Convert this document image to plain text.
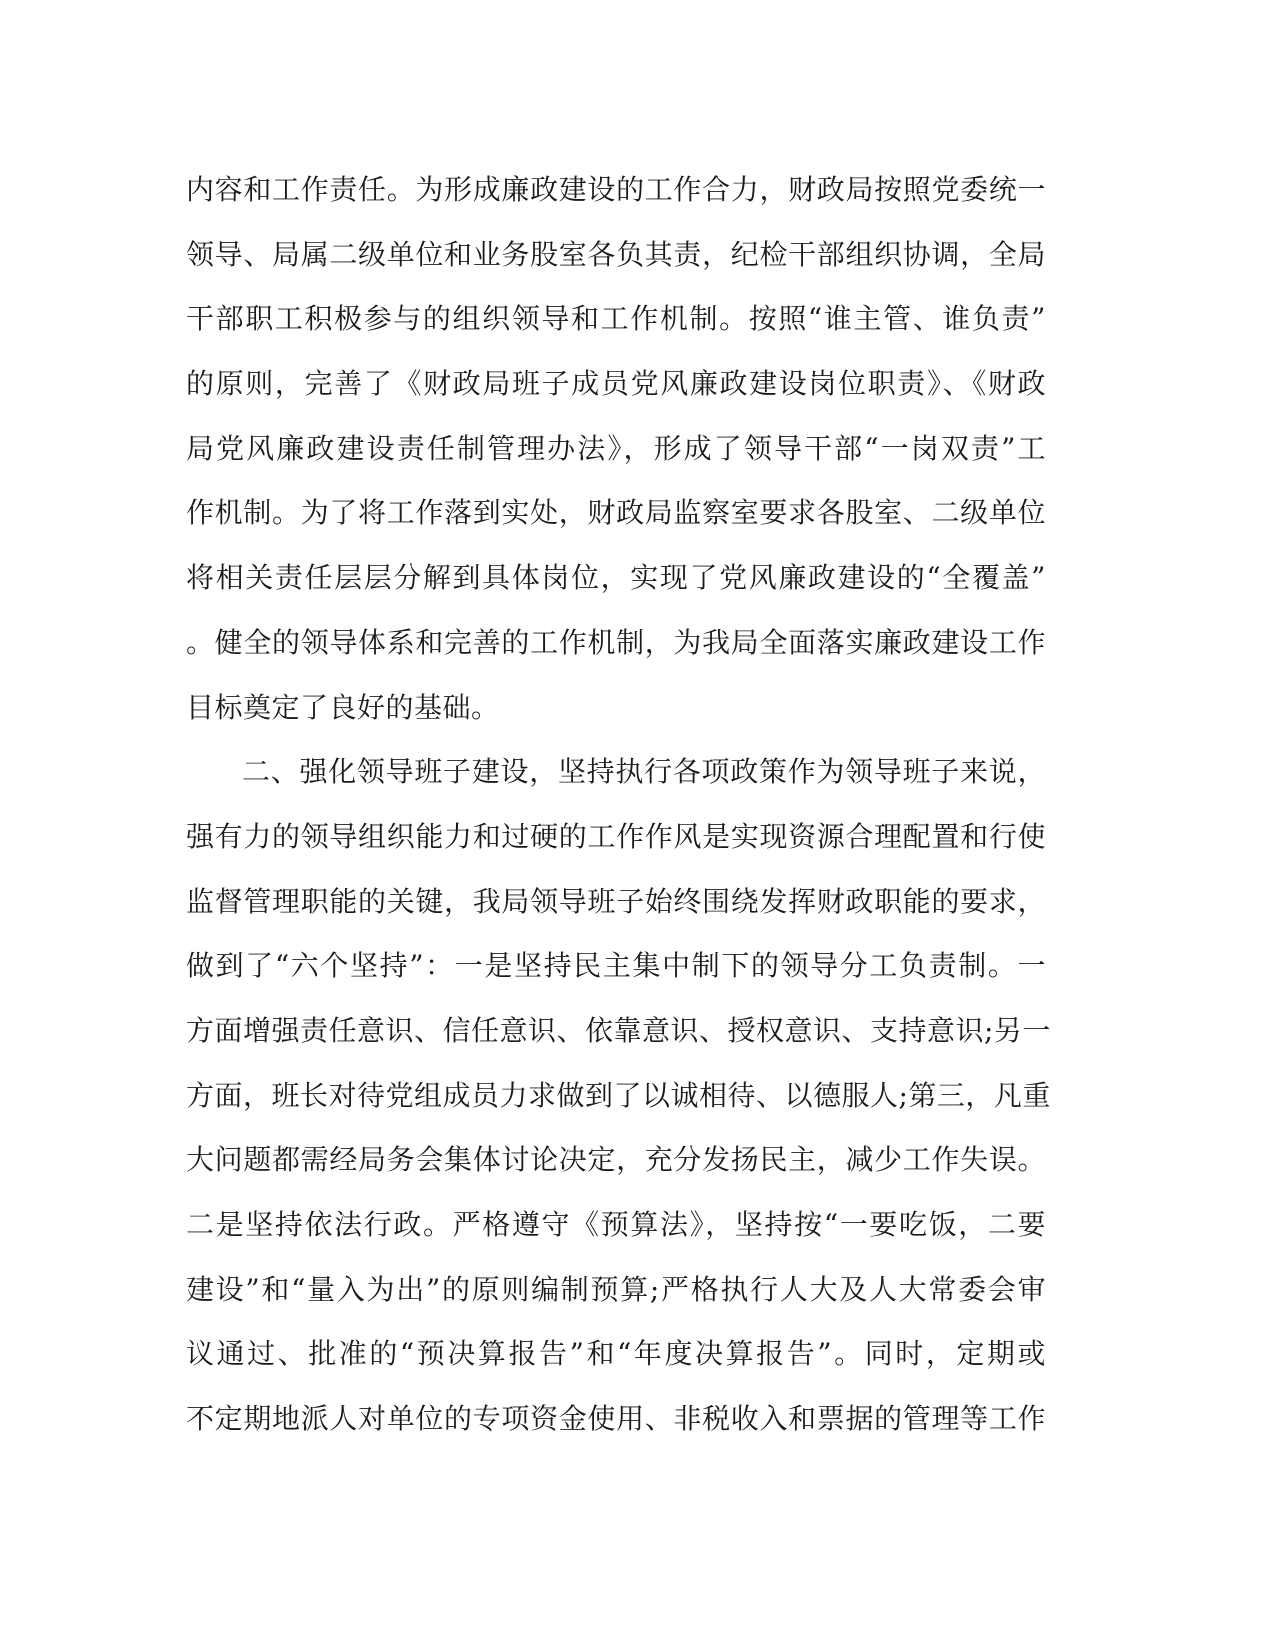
内容和工作责任。为形成廉政建设的工作合力，财政局按照党委统一
领导、局属二级单位和业务股室各负其责，纪检干部组织协调，全局
干部职工积极参与的组织领导和工作机制。按照“谁主管、谁负责”
的原则，完善了《财政局班子成员党风廉政建设岗位职责》、《财政
局党风廉政建设责任制管理办法》，形成了领导干部“一岗双责”工
作机制。为了将工作落到实处，财政局监察室要求各股室、二级单位
将相关责任层层分解到具体岗位，实现了党风廉政建设的“全覆盖”
。健全的领导体系和完善的工作机制，为我局全面落实廉政建设工作
目标奠定了良好的基础。
二、强化领导班子建设，坚持执行各项政策作为领导班子来说，
强有力的领导组织能力和过硬的工作作风是实现资源合理配置和行使
监督管理职能的关键，我局领导班子始终围绕发挥财政职能的要求，
做到了“六个坚持”：一是坚持民主集中制下的领导分工负责制。一
方面增强责任意识、信任意识、依靠意识、授权意识、支持意识;另一
方面，班长对待党组成员力求做到了以诚相待、以德服人;第三，凡重
大问题都需经局务会集体讨论决定，充分发扬民主，减少工作失误。
二是坚持依法行政。严格遵守《预算法》，坚持按“一要吃饭，二要
建设”和“量入为出”的原则编制预算;严格执行人大及人大常委会审
议通过、批准的“预决算报告”和“年度决算报告”。同时，定期或
不定期地派人对单位的专项资金使用、非税收入和票据的管理等工作
